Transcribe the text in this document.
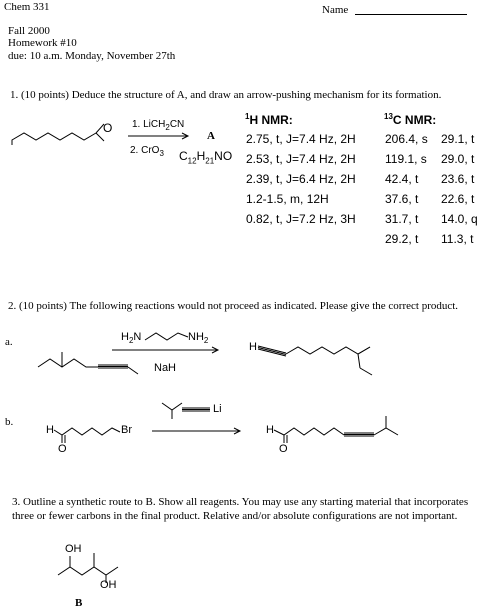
Chem 331	Name
Fall 2000
Homework #10
due: 10 a.m. Monday, November 27th
1. (10 points) Deduce the structure of A, and draw an arrow-pushing mechanism for its formation.
1. LiCH$_2$CN
2. CrO$_3$
A
$C_{12}H_{21}NO$
O
$^1$H NMR:
2.75, t, J=7.4 Hz, 2H
2.53, t, J=7.4 Hz, 2H
2.39, t, J=6.4 Hz, 2H
1.2-1.5, m, 12H
0.82, t, J=7.2 Hz, 3H
$^{13}$C NMR:
206.4, s
119.1, s
42.4, t
37.6, t
31.7, t
29.2, t
29.1, t
29.0, t
23.6, t
22.6, t
14.0, q
11.3, t
2. (10 points) The following reactions would not proceed as indicated. Please give the correct product.
a.
b.
$H_2N$	$NH_2$
NaH
H
H
O
Br
Li
H
O
3. Outline a synthetic route to B. Show all reagents. You may use any starting material that incorporates
three or fewer carbons in the final product. Relative and/or absolute configurations are not important.
OH
OH
B
